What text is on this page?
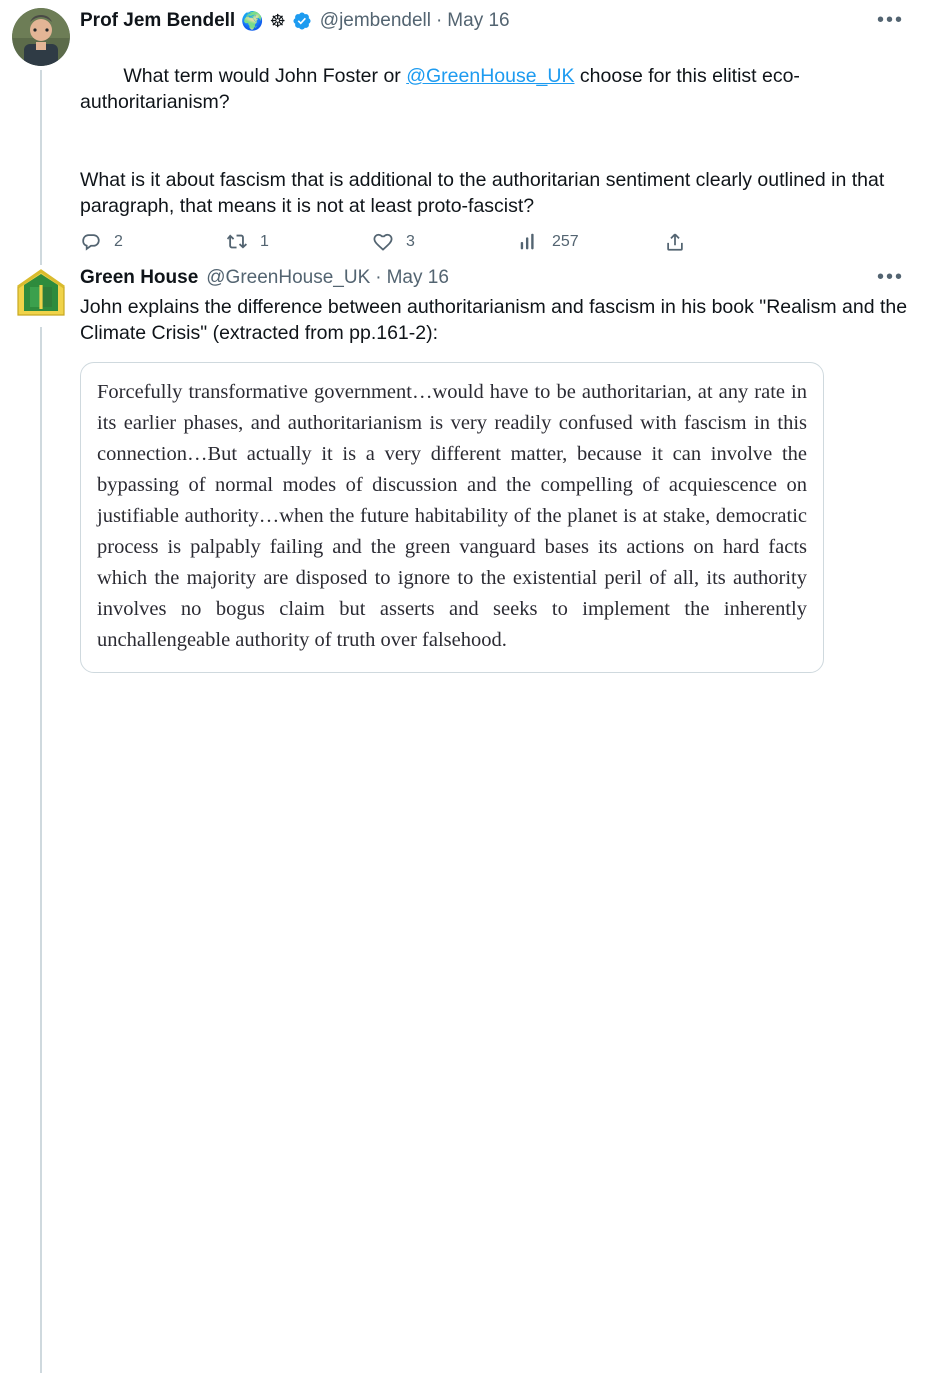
Prof Jem Bendell 🌍 ☸ @jembendell · May 16	•••

What term would John Foster or @GreenHouse_UK choose for this elitist eco-authoritarianism?

What is it about fascism that is additional to the authoritarian sentiment clearly outlined in that paragraph, that means it is not at least proto-fascist?
2	1	3	257
Green House @GreenHouse_UK · May 16	•••
John explains the difference between authoritarianism and fascism in his book "Realism and the Climate Crisis" (extracted from pp.161-2):
Forcefully transformative government…would have to be authoritarian, at any rate in its earlier phases, and authoritarianism is very readily confused with fascism in this connection…But actually it is a very different matter, because it can involve the bypassing of normal modes of discussion and the compelling of acquiescence on justifiable authority…when the future habitability of the planet is at stake, democratic process is palpably failing and the green vanguard bases its actions on hard facts which the majority are disposed to ignore to the existential peril of all, its authority involves no bogus claim but asserts and seeks to implement the inherently unchallengeable authority of truth over falsehood.
